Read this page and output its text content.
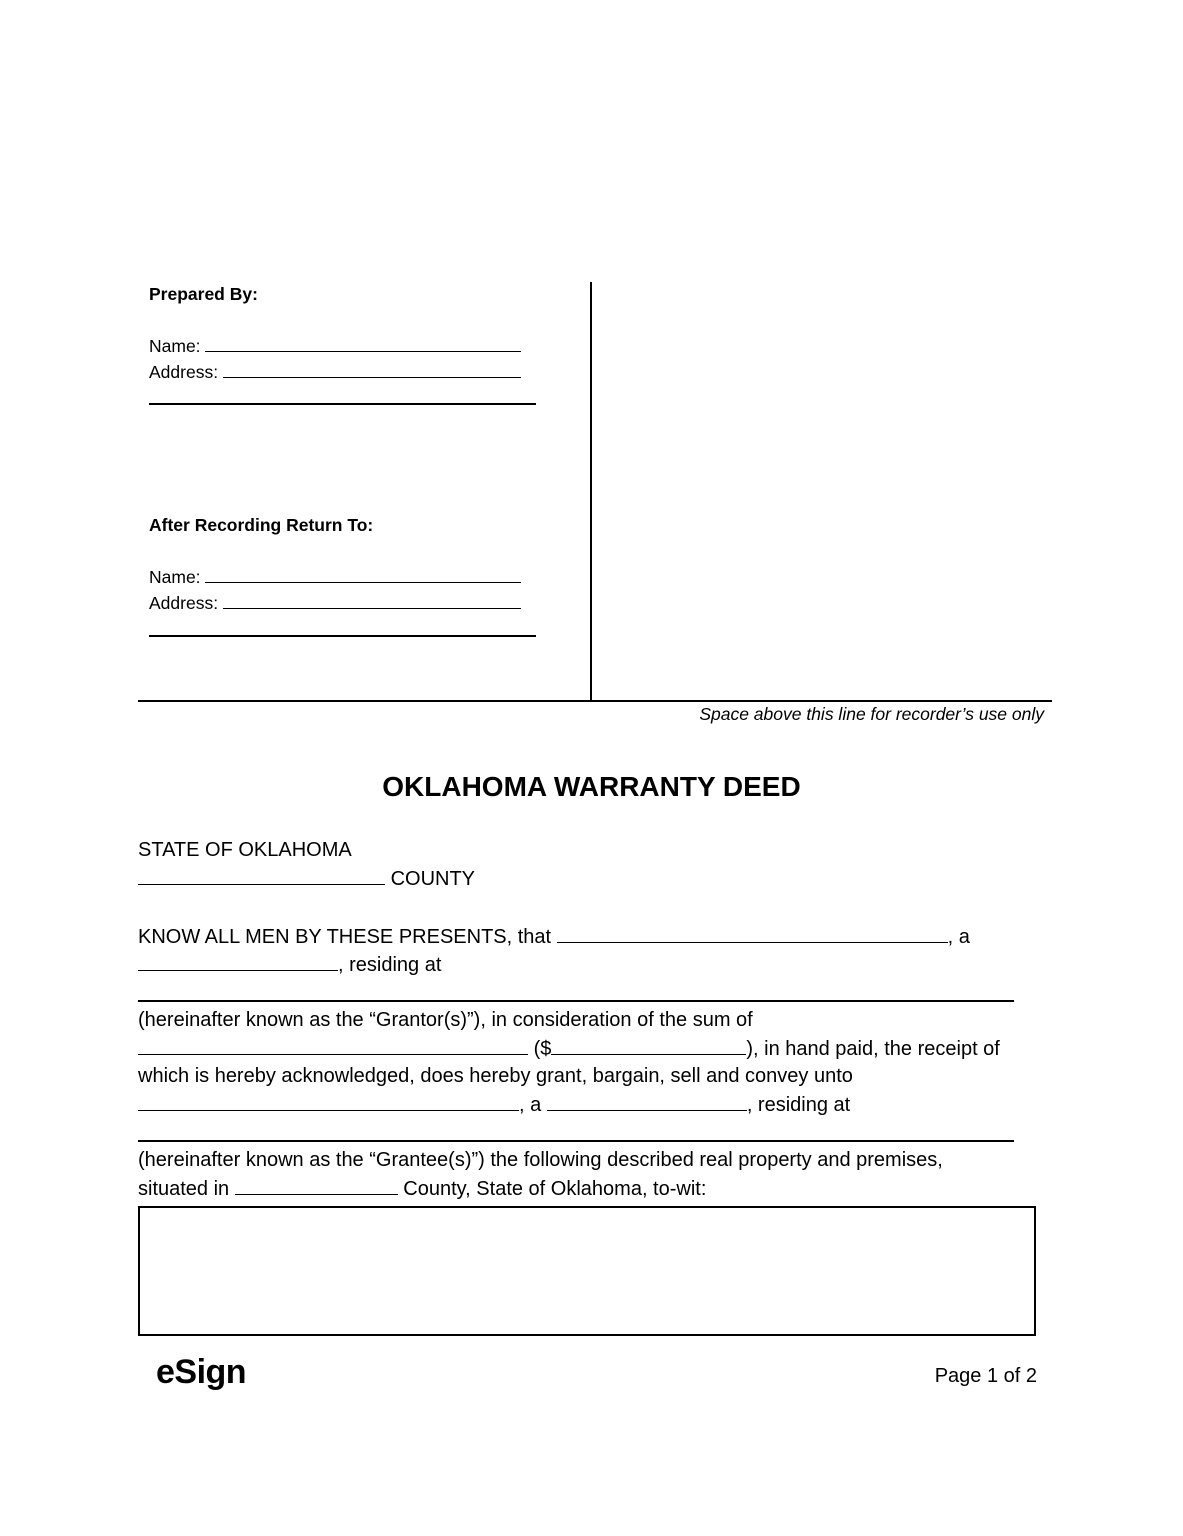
Prepared By:
Name:
Address:
After Recording Return To:
Name:
Address:
Space above this line for recorder’s use only
OKLAHOMA WARRANTY DEED
STATE OF OKLAHOMA
COUNTY
KNOW ALL MEN BY THESE PRESENTS, that	, a
, residing at
(hereinafter known as the “Grantor(s)”), in consideration of the sum of
($	), in hand paid, the receipt of
which is hereby acknowledged, does hereby grant, bargain, sell and convey unto
, a	, residing at
(hereinafter known as the “Grantee(s)”) the following described real property and premises,
situated in	County, State of Oklahoma, to-wit:
eSign	Page 1 of 2
